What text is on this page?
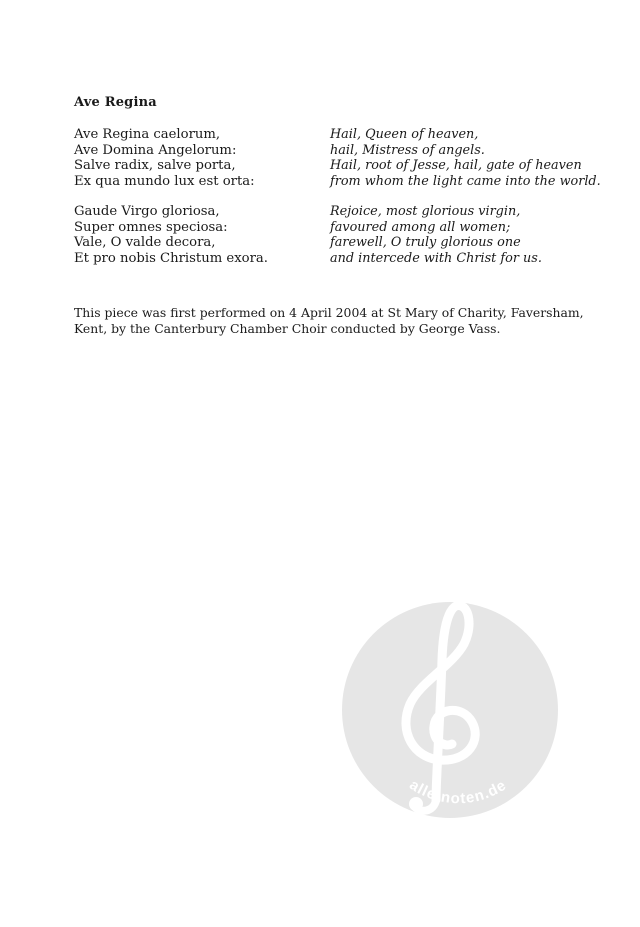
Ave Regina
Ave Regina caelorum,
Ave Domina Angelorum:
Salve radix, salve porta,
Ex qua mundo lux est orta:
Hail, Queen of heaven,
hail, Mistress of angels.
Hail, root of Jesse, hail, gate of heaven
from whom the light came into the world.
Gaude Virgo gloriosa,
Super omnes speciosa:
Vale, O valde decora,
Et pro nobis Christum exora.
Rejoice, most glorious virgin,
favoured among all women;
farewell, O truly glorious one
and intercede with Christ for us.
This piece was first performed on 4 April 2004 at St Mary of Charity, Faversham,
Kent, by the Canterbury Chamber Choir conducted by George Vass.
alle-noten.de
